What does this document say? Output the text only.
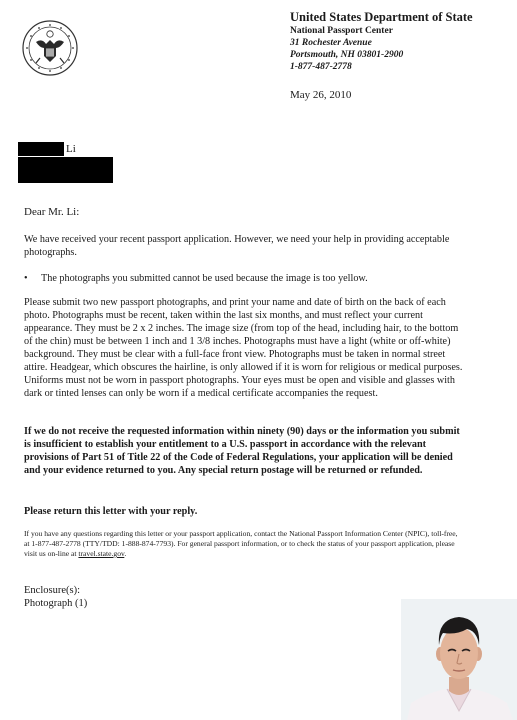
United States Department of State
National Passport Center
31 Rochester Avenue
Portsmouth, NH 03801-2900
1-877-487-2778
May 26, 2010
Li
Dear Mr. Li:
We have received your recent passport application. However, we need your help in providing acceptable photographs.
• The photographs you submitted cannot be used because the image is too yellow.
Please submit two new passport photographs, and print your name and date of birth on the back of each photo. Photographs must be recent, taken within the last six months, and must reflect your current appearance. They must be 2 x 2 inches. The image size (from top of the head, including hair, to the bottom of the chin) must be between 1 inch and 1 3/8 inches. Photographs must have a light (white or off-white) background. They must be clear with a full-face front view. Photographs must be taken in normal street attire. Headgear, which obscures the hairline, is only allowed if it is worn for religious or medical purposes. Uniforms must not be worn in passport photographs. Your eyes must be open and visible and glasses with dark or tinted lenses can only be worn if a medical certificate accompanies the request.
If we do not receive the requested information within ninety (90) days or the information you submit is insufficient to establish your entitlement to a U.S. passport in accordance with the relevant provisions of Part 51 of Title 22 of the Code of Federal Regulations, your application will be denied and your evidence returned to you. Any special return postage will be returned or refunded.
Please return this letter with your reply.
If you have any questions regarding this letter or your passport application, contact the National Passport Information Center (NPIC), toll-free, at 1-877-487-2778 (TTY/TDD: 1-888-874-7793). For general passport information, or to check the status of your passport application, please visit us on-line at travel.state.gov.
Enclosure(s):
Photograph (1)
